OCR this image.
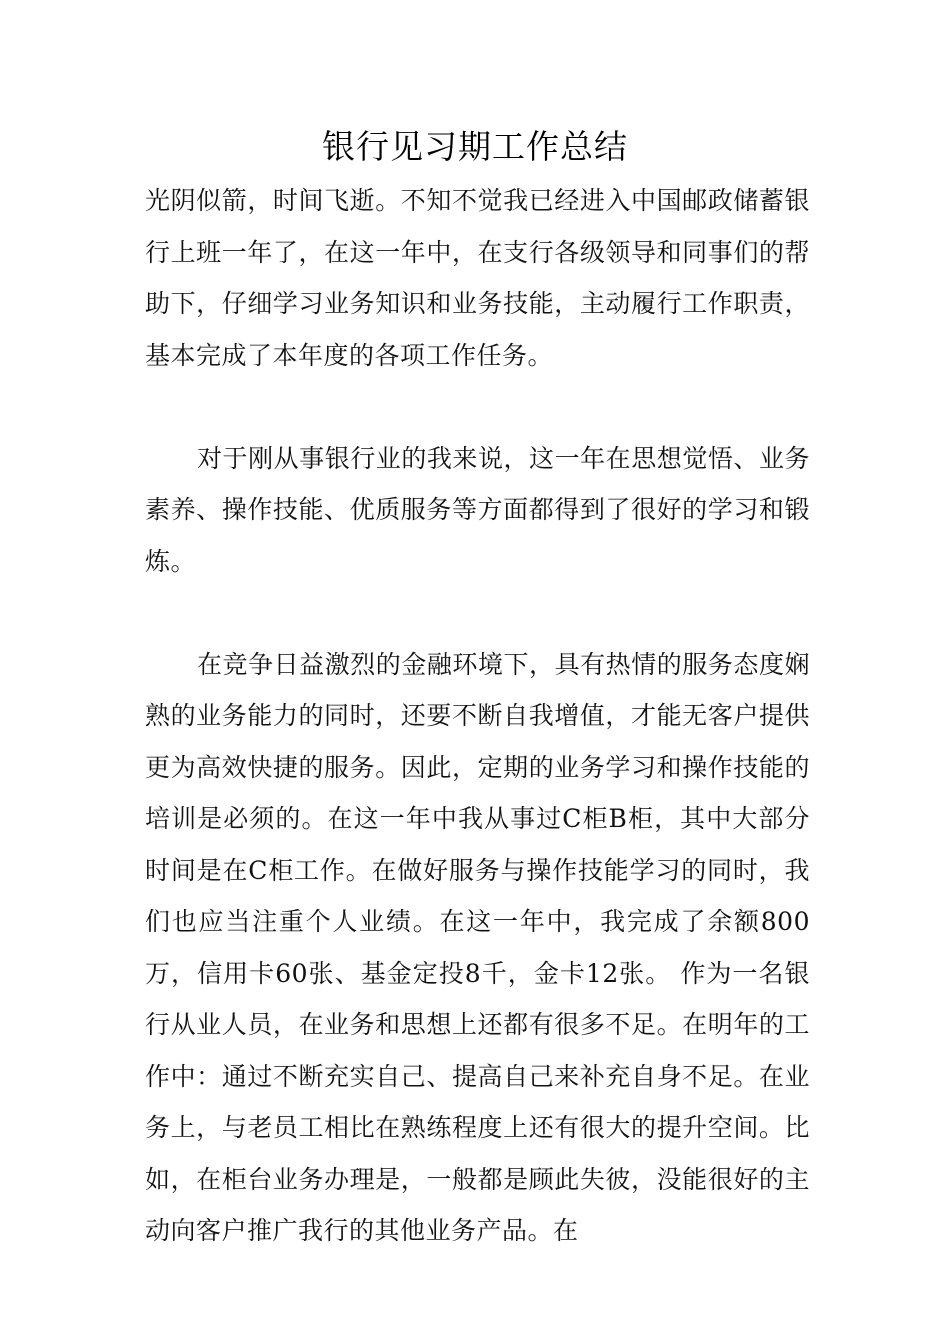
银行见习期工作总结

光阴似箭，时间飞逝。不知不觉我已经进入中国邮政储蓄银行上班一年了，在这一年中，在支行各级领导和同事们的帮助下，仔细学习业务知识和业务技能，主动履行工作职责，基本完成了本年度的各项工作任务。

对于刚从事银行业的我来说，这一年在思想觉悟、业务素养、操作技能、优质服务等方面都得到了很好的学习和锻炼。

在竞争日益激烈的金融环境下，具有热情的服务态度娴熟的业务能力的同时，还要不断自我增值，才能无客户提供更为高效快捷的服务。因此，定期的业务学习和操作技能的培训是必须的。在这一年中我从事过C柜B柜，其中大部分时间是在C柜工作。在做好服务与操作技能学习的同时，我们也应当注重个人业绩。在这一年中，我完成了余额800万，信用卡60张、基金定投8千，金卡12张。 作为一名银行从业人员，在业务和思想上还都有很多不足。在明年的工作中：通过不断充实自己、提高自己来补充自身不足。在业务上，与老员工相比在熟练程度上还有很大的提升空间。比如，在柜台业务办理是，一般都是顾此失彼，没能很好的主动向客户推广我行的其他业务产品。在
